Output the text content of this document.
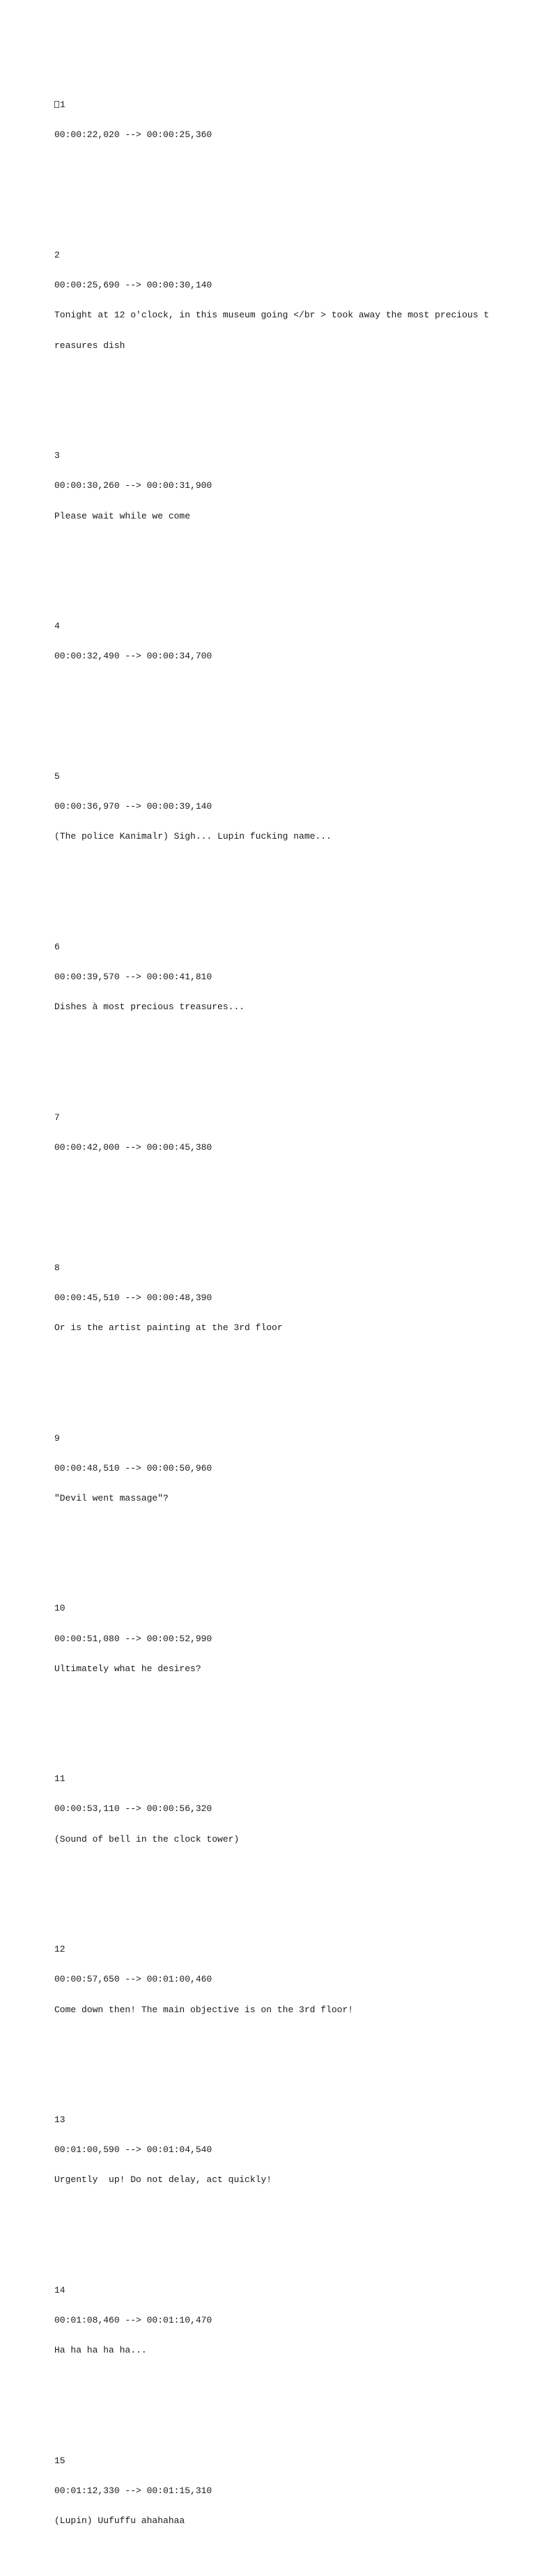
1

00:00:22,020 --> 00:00:25,360

2

00:00:25,690 --> 00:00:30,140

Tonight at 12 o'clock, in this museum going </br > took away the most precious t

reasures dish

3

00:00:30,260 --> 00:00:31,900

Please wait while we come

4

00:00:32,490 --> 00:00:34,700

5

00:00:36,970 --> 00:00:39,140

(The police Kanimalr) Sigh... Lupin fucking name...

6

00:00:39,570 --> 00:00:41,810

Dishes à most precious treasures...

7

00:00:42,000 --> 00:00:45,380

8

00:00:45,510 --> 00:00:48,390

Or is the artist painting at the 3rd floor

9

00:00:48,510 --> 00:00:50,960

"Devil went massage"?

10

00:00:51,080 --> 00:00:52,990

Ultimately what he desires?

11

00:00:53,110 --> 00:00:56,320

(Sound of bell in the clock tower)

12

00:00:57,650 --> 00:01:00,460

Come down then! The main objective is on the 3rd floor!

13

00:01:00,590 --> 00:01:04,540

Urgently  up! Do not delay, act quickly!

14

00:01:08,460 --> 00:01:10,470

Ha ha ha ha ha...

15

00:01:12,330 --> 00:01:15,310

(Lupin) Uufuffu ahahahaa
